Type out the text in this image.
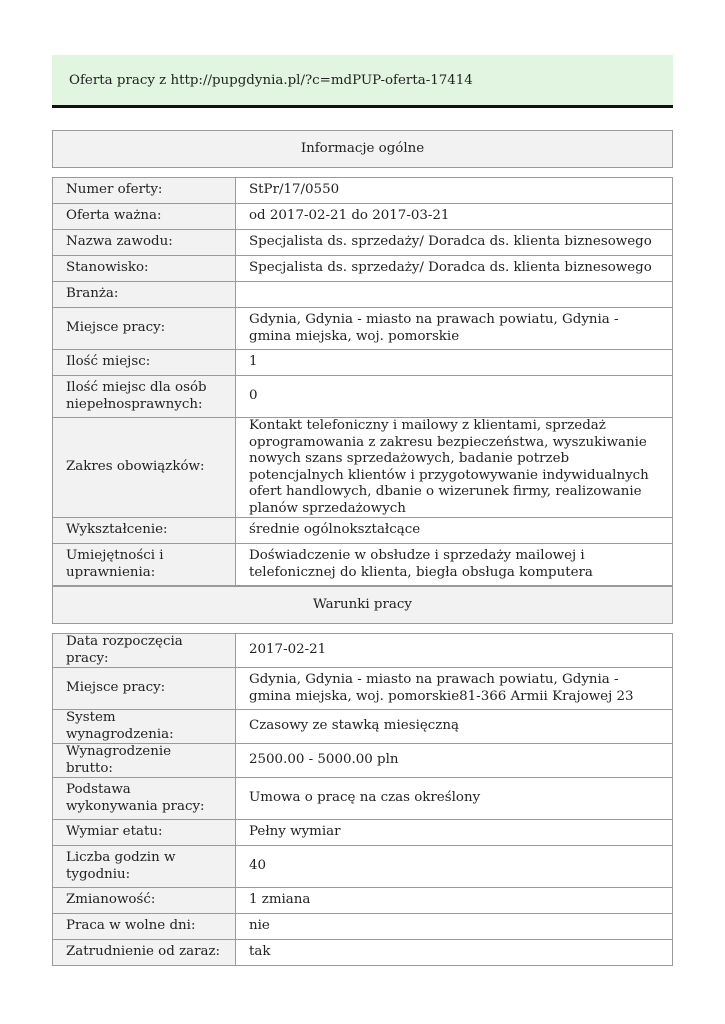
Oferta pracy z http://pupgdynia.pl/?c=mdPUP-oferta-17414
Informacje ogólne
Numer oferty:	StPr/17/0550
Oferta ważna:	od 2017-02-21 do 2017-03-21
Nazwa zawodu:	Specjalista ds. sprzedaży/ Doradca ds. klienta biznesowego
Stanowisko:	Specjalista ds. sprzedaży/ Doradca ds. klienta biznesowego
Branża:	
Miejsce pracy:	Gdynia, Gdynia - miasto na prawach powiatu, Gdynia - gmina miejska, woj. pomorskie
Ilość miejsc:	1
Ilość miejsc dla osób niepełnosprawnych:	0
Zakres obowiązków:	Kontakt telefoniczny i mailowy z klientami, sprzedaż oprogramowania z zakresu bezpieczeństwa, wyszukiwanie nowych szans sprzedażowych, badanie potrzeb potencjalnych klientów i przygotowywanie indywidualnych ofert handlowych, dbanie o wizerunek firmy, realizowanie planów sprzedażowych
Wykształcenie:	średnie ogólnokształcące
Umiejętności i uprawnienia:	Doświadczenie w obsłudze i sprzedaży mailowej i telefonicznej do klienta, biegła obsługa komputera
Warunki pracy
Data rozpoczęcia pracy:	2017-02-21
Miejsce pracy:	Gdynia, Gdynia - miasto na prawach powiatu, Gdynia - gmina miejska, woj. pomorskie81-366 Armii Krajowej 23
System wynagrodzenia:	Czasowy ze stawką miesięczną
Wynagrodzenie brutto:	2500.00 - 5000.00 pln
Podstawa wykonywania pracy:	Umowa o pracę na czas określony
Wymiar etatu:	Pełny wymiar
Liczba godzin w tygodniu:	40
Zmianowość:	1 zmiana
Praca w wolne dni:	nie
Zatrudnienie od zaraz:	tak
